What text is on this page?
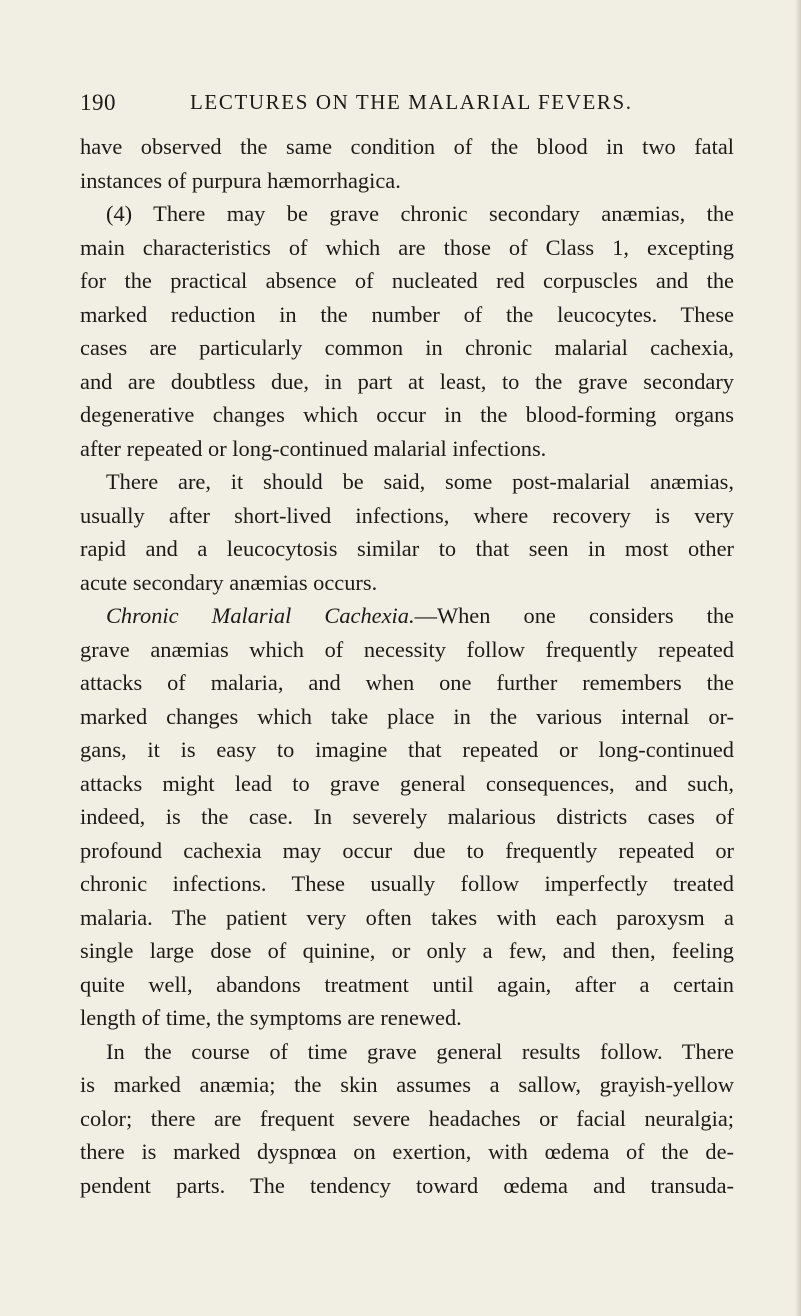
190	LECTURES ON THE MALARIAL FEVERS.
have observed the same condition of the blood in two fatal
instances of purpura hæmorrhagica.
(4) There may be grave chronic secondary anæmias, the
main characteristics of which are those of Class 1, excepting
for the practical absence of nucleated red corpuscles and the
marked reduction in the number of the leucocytes. These
cases are particularly common in chronic malarial cachexia,
and are doubtless due, in part at least, to the grave secondary
degenerative changes which occur in the blood-forming organs
after repeated or long-continued malarial infections.
There are, it should be said, some post-malarial anæmias,
usually after short-lived infections, where recovery is very
rapid and a leucocytosis similar to that seen in most other
acute secondary anæmias occurs.
Chronic Malarial Cachexia.—When one considers the
grave anæmias which of necessity follow frequently repeated
attacks of malaria, and when one further remembers the
marked changes which take place in the various internal or-
gans, it is easy to imagine that repeated or long-continued
attacks might lead to grave general consequences, and such,
indeed, is the case. In severely malarious districts cases of
profound cachexia may occur due to frequently repeated or
chronic infections. These usually follow imperfectly treated
malaria. The patient very often takes with each paroxysm a
single large dose of quinine, or only a few, and then, feeling
quite well, abandons treatment until again, after a certain
length of time, the symptoms are renewed.
In the course of time grave general results follow. There
is marked anæmia; the skin assumes a sallow, grayish-yellow
color; there are frequent severe headaches or facial neuralgia;
there is marked dyspnœa on exertion, with œdema of the de-
pendent parts. The tendency toward œdema and transuda-
